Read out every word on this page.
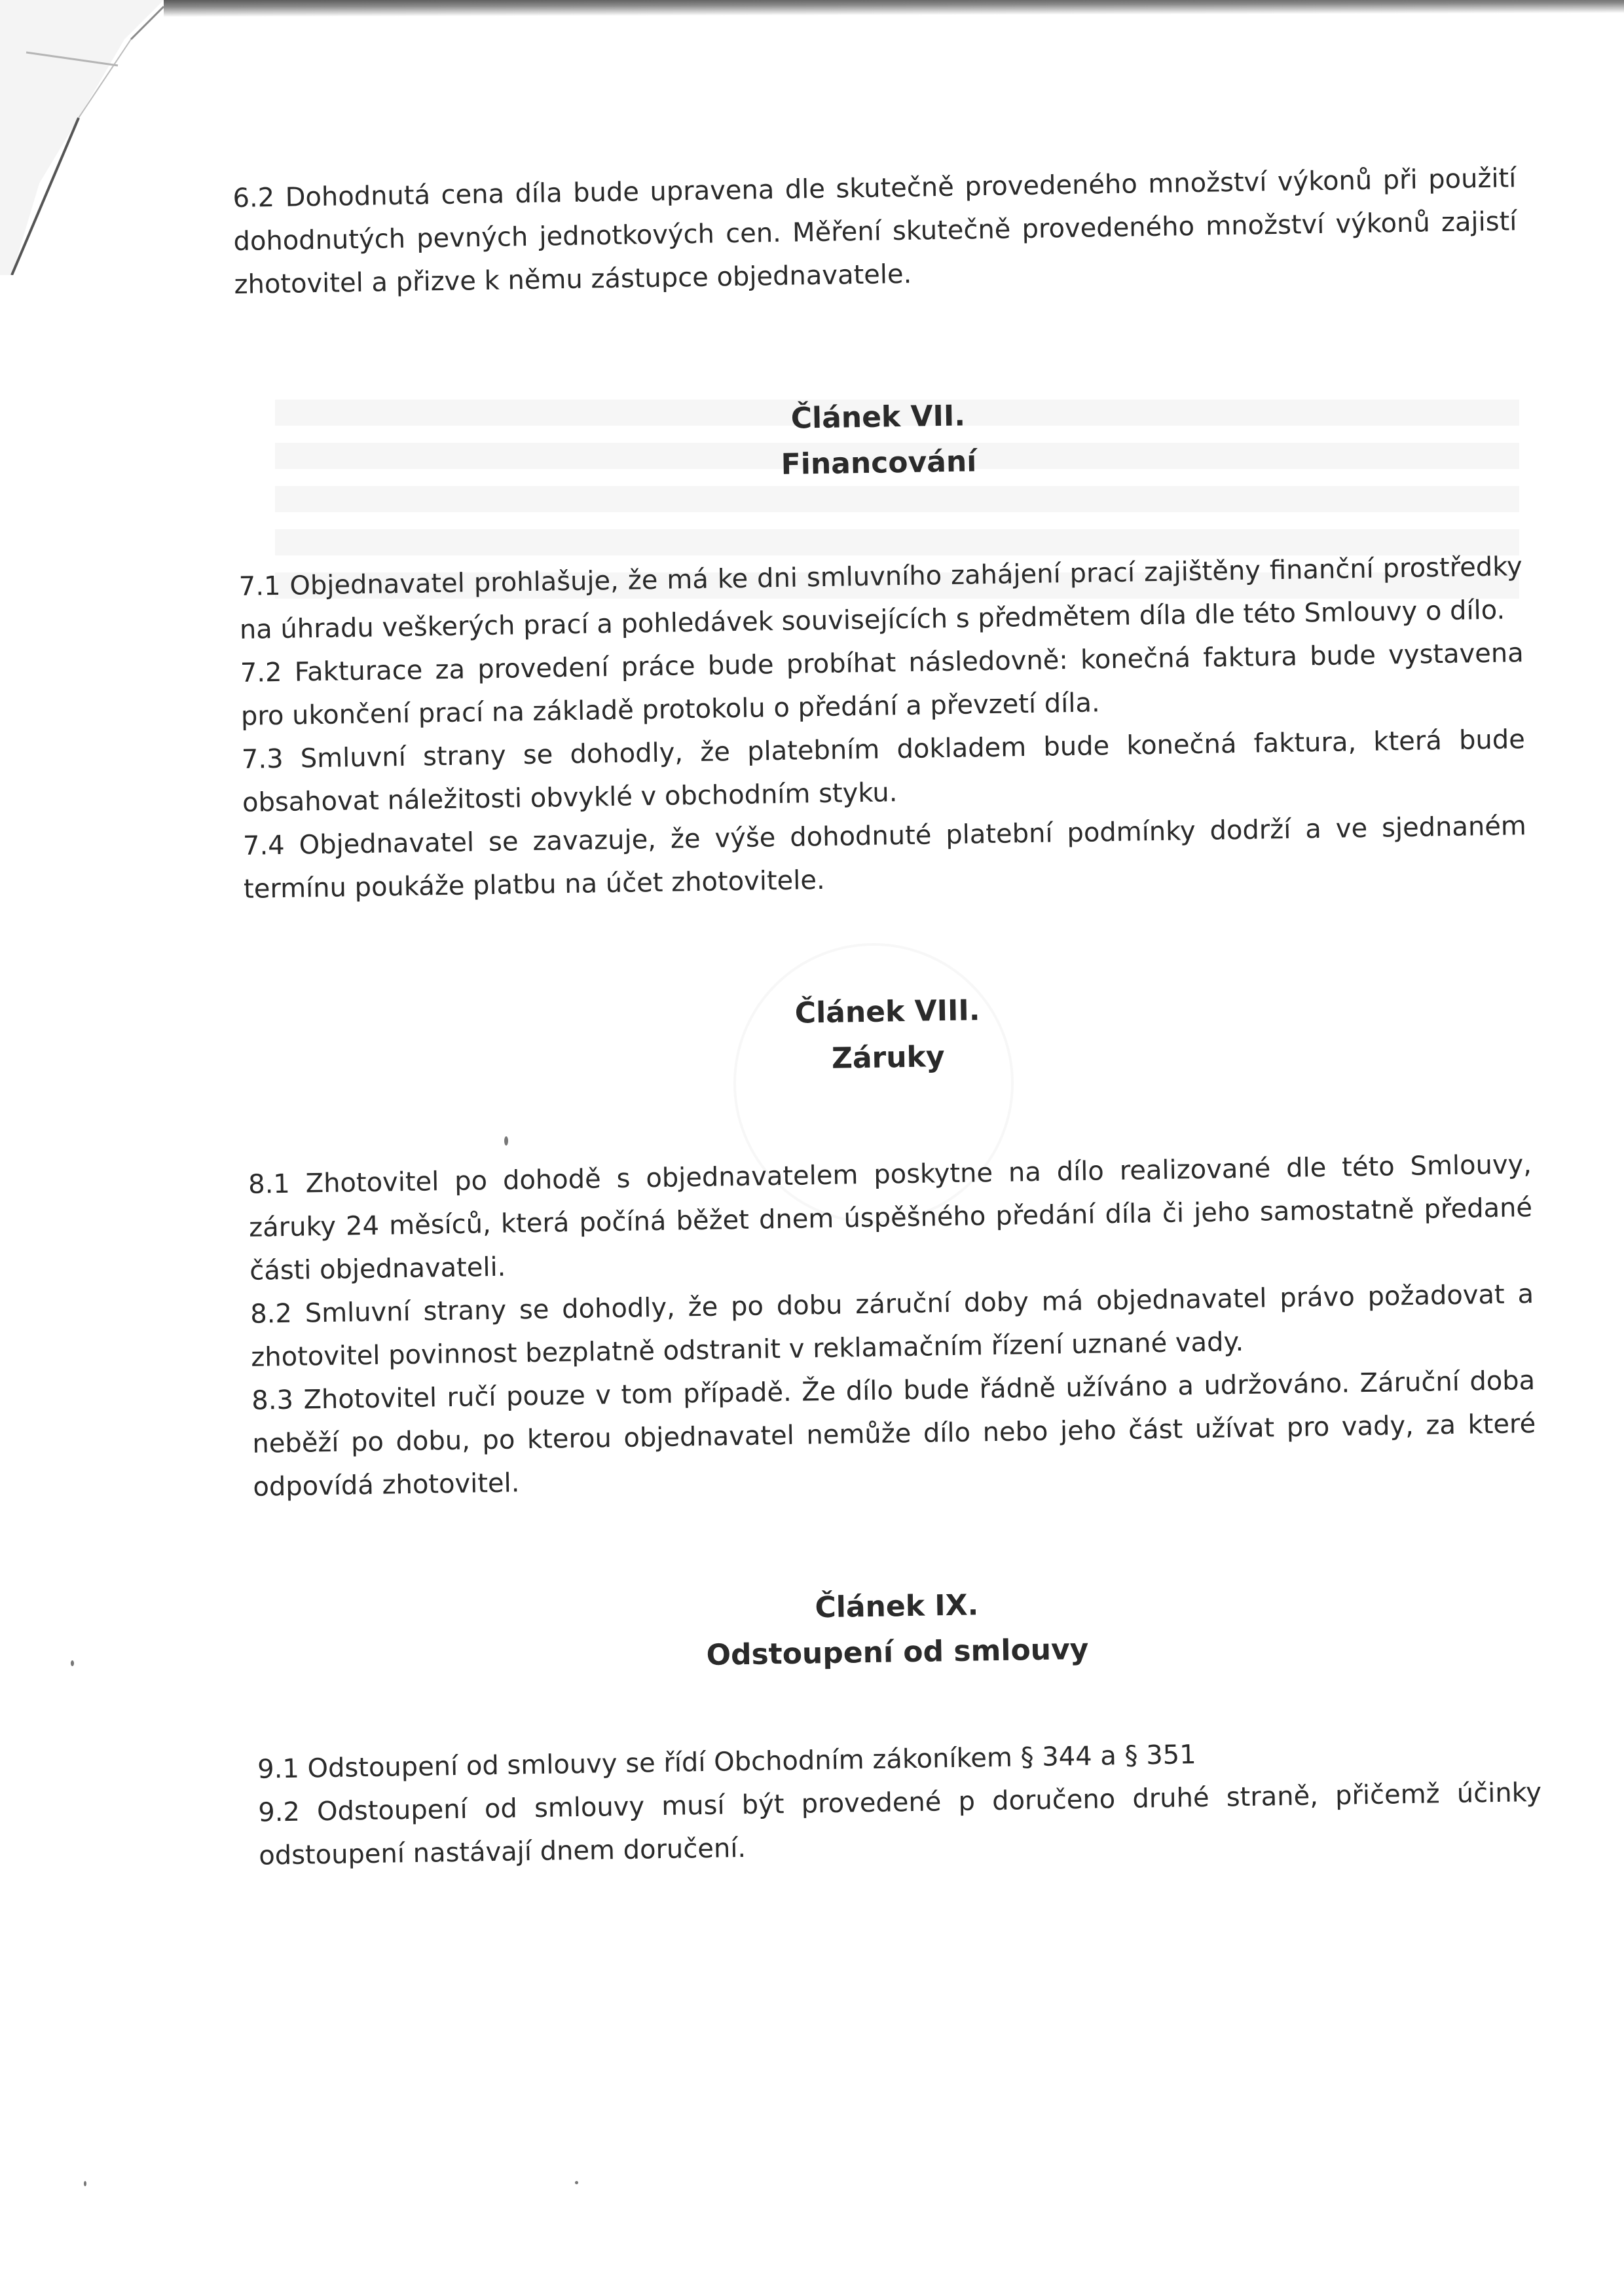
6.2 Dohodnutá cena díla bude upravena dle skutečně provedeného množství výkonů při použití dohodnutých pevných jednotkových cen. Měření skutečně provedeného množství výkonů zajistí zhotovitel a přizve k němu zástupce objednavatele.

Článek VII.
Financování

7.1 Objednavatel prohlašuje, že má ke dni smluvního zahájení prací zajištěny finanční prostředky na úhradu veškerých prací a pohledávek souvisejících s předmětem díla dle této Smlouvy o dílo.

7.2 Fakturace za provedení práce bude probíhat následovně: konečná faktura bude vystavena pro ukončení prací na základě protokolu o předání a převzetí díla.

7.3 Smluvní strany se dohodly, že platebním dokladem bude konečná faktura, která bude obsahovat náležitosti obvyklé v obchodním styku.

7.4 Objednavatel se zavazuje, že výše dohodnuté platební podmínky dodrží a ve sjednaném termínu poukáže platbu na účet zhotovitele.

Článek VIII.
Záruky

8.1 Zhotovitel po dohodě s objednavatelem poskytne na dílo realizované dle této Smlouvy, záruky 24 měsíců, která počíná běžet dnem úspěšného předání díla či jeho samostatně předané části objednavateli.

8.2 Smluvní strany se dohodly, že po dobu záruční doby má objednavatel právo požadovat a zhotovitel povinnost bezplatně odstranit v reklamačním řízení uznané vady.

8.3 Zhotovitel ručí pouze v tom případě. Že dílo bude řádně užíváno a udržováno. Záruční doba neběží po dobu, po kterou objednavatel nemůže dílo nebo jeho část užívat pro vady, za které odpovídá zhotovitel.

Článek IX.
Odstoupení od smlouvy

9.1 Odstoupení od smlouvy se řídí Obchodním zákoníkem § 344 a § 351

9.2 Odstoupení od smlouvy musí být provedené p doručeno druhé straně, přičemž účinky odstoupení nastávají dnem doručení.
